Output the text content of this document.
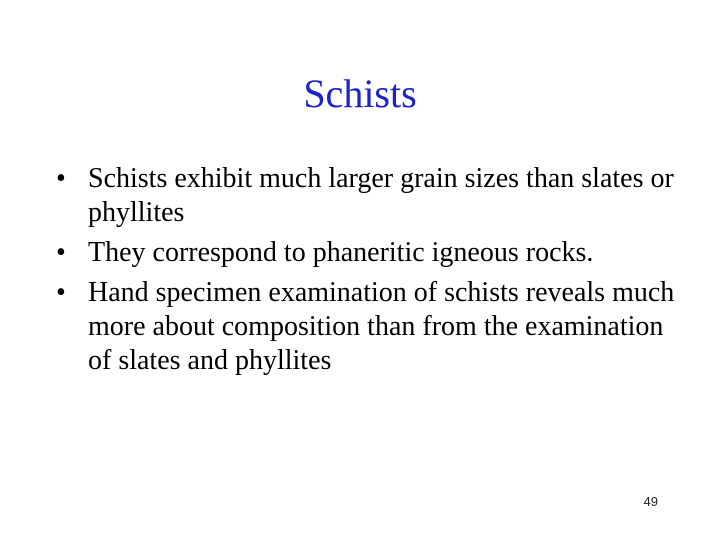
Schists
• Schists exhibit much larger grain sizes than slates or phyllites
• They correspond to phaneritic igneous rocks.
• Hand specimen examination of schists reveals much more about composition than from the examination of slates and phyllites
49
